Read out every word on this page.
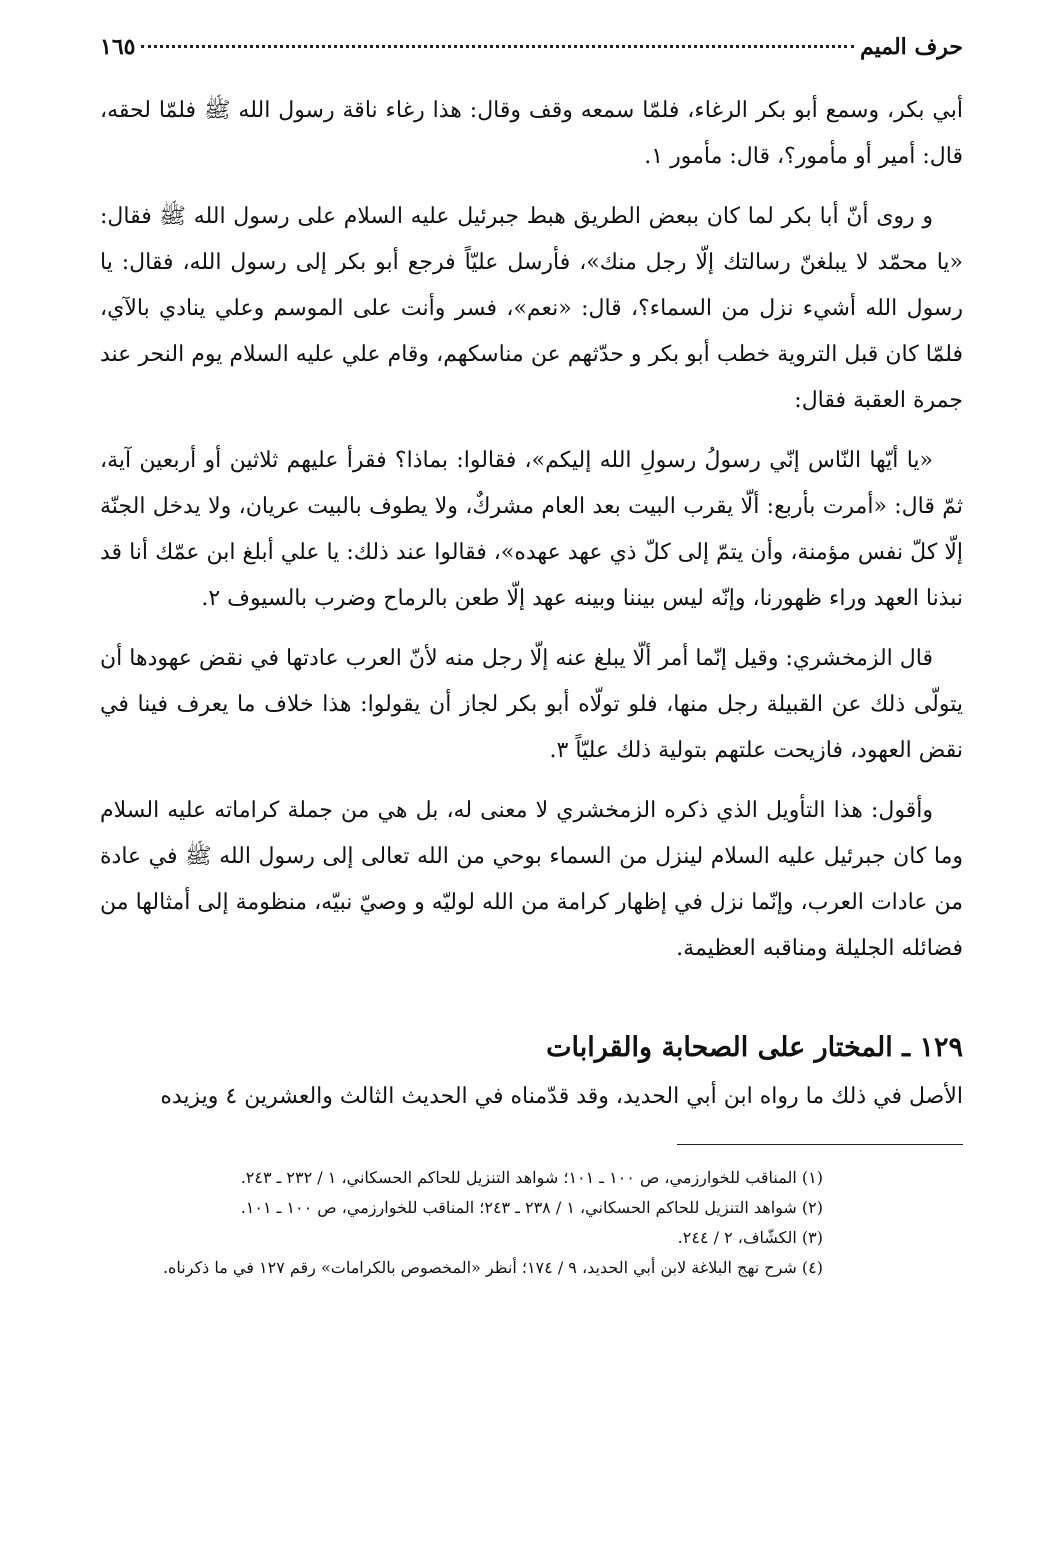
حرف الميم
١٦٥

أبي بكر، وسمع أبو بكر الرغاء، فلمّا سمعه وقف وقال: هذا رغاء ناقة رسول الله ﷺ فلمّا لحقه، قال: أمير أو مأمور؟، قال: مأمور ١.

و روى أنّ أبا بكر لما كان ببعض الطريق هبط جبرئيل عليه السلام على رسول الله ﷺ فقال: «يا محمّد لا يبلغنّ رسالتك إلّا رجل منك»، فأرسل عليّاً فرجع أبو بكر إلى رسول الله، فقال: يا رسول الله أشيء نزل من السماء؟، قال: «نعم»، فسر وأنت على الموسم وعلي ينادي بالآي، فلمّا كان قبل التروية خطب أبو بكر و حدّثهم عن مناسكهم، وقام علي عليه السلام يوم النحر عند جمرة العقبة فقال:

«يا أيّها النّاس إنّي رسولُ رسولِ الله إليكم»، فقالوا: بماذا؟ فقرأ عليهم ثلاثين أو أربعين آية، ثمّ قال: «أمرت بأربع: ألّا يقرب البيت بعد العام مشركٌ، ولا يطوف بالبيت عريان، ولا يدخل الجنّة إلّا كلّ نفس مؤمنة، وأن يتمّ إلى كلّ ذي عهد عهده»، فقالوا عند ذلك: يا علي أبلغ ابن عمّك أنا قد نبذنا العهد وراء ظهورنا، وإنّه ليس بيننا وبينه عهد إلّا طعن بالرماح وضرب بالسيوف ٢.

قال الزمخشري: وقيل إنّما أمر ألّا يبلغ عنه إلّا رجل منه لأنّ العرب عادتها في نقض عهودها أن يتولّى ذلك عن القبيلة رجل منها، فلو تولّاه أبو بكر لجاز أن يقولوا: هذا خلاف ما يعرف فينا في نقض العهود، فازيحت علتهم بتولية ذلك عليّاً ٣.

وأقول: هذا التأويل الذي ذكره الزمخشري لا معنى له، بل هي من جملة كراماته عليه السلام وما كان جبرئيل عليه السلام لينزل من السماء بوحي من الله تعالى إلى رسول الله ﷺ في عادة من عادات العرب، وإنّما نزل في إظهار كرامة من الله لوليّه و وصيّ نبيّه، منظومة إلى أمثالها من فضائله الجليلة ومناقبه العظيمة.

١٢٩ ـ المختار على الصحابة والقرابات

الأصل في ذلك ما رواه ابن أبي الحديد، وقد قدّمناه في الحديث الثالث والعشرين ٤ ويزيده

(١) المناقب للخوارزمي، ص ١٠٠ ـ ١٠١؛ شواهد التنزيل للحاكم الحسكاني، ١ / ٢٣٢ ـ ٢٤٣.
(٢) شواهد التنزيل للحاكم الحسكاني، ١ / ٢٣٨ ـ ٢٤٣؛ المناقب للخوارزمي، ص ١٠٠ ـ ١٠١.
(٣) الكشّاف، ٢ / ٢٤٤.
(٤) شرح نهج البلاغة لابن أبي الحديد، ٩ / ١٧٤؛ أنظر «المخصوص بالكرامات» رقم ١٢٧ في ما ذكرناه.
